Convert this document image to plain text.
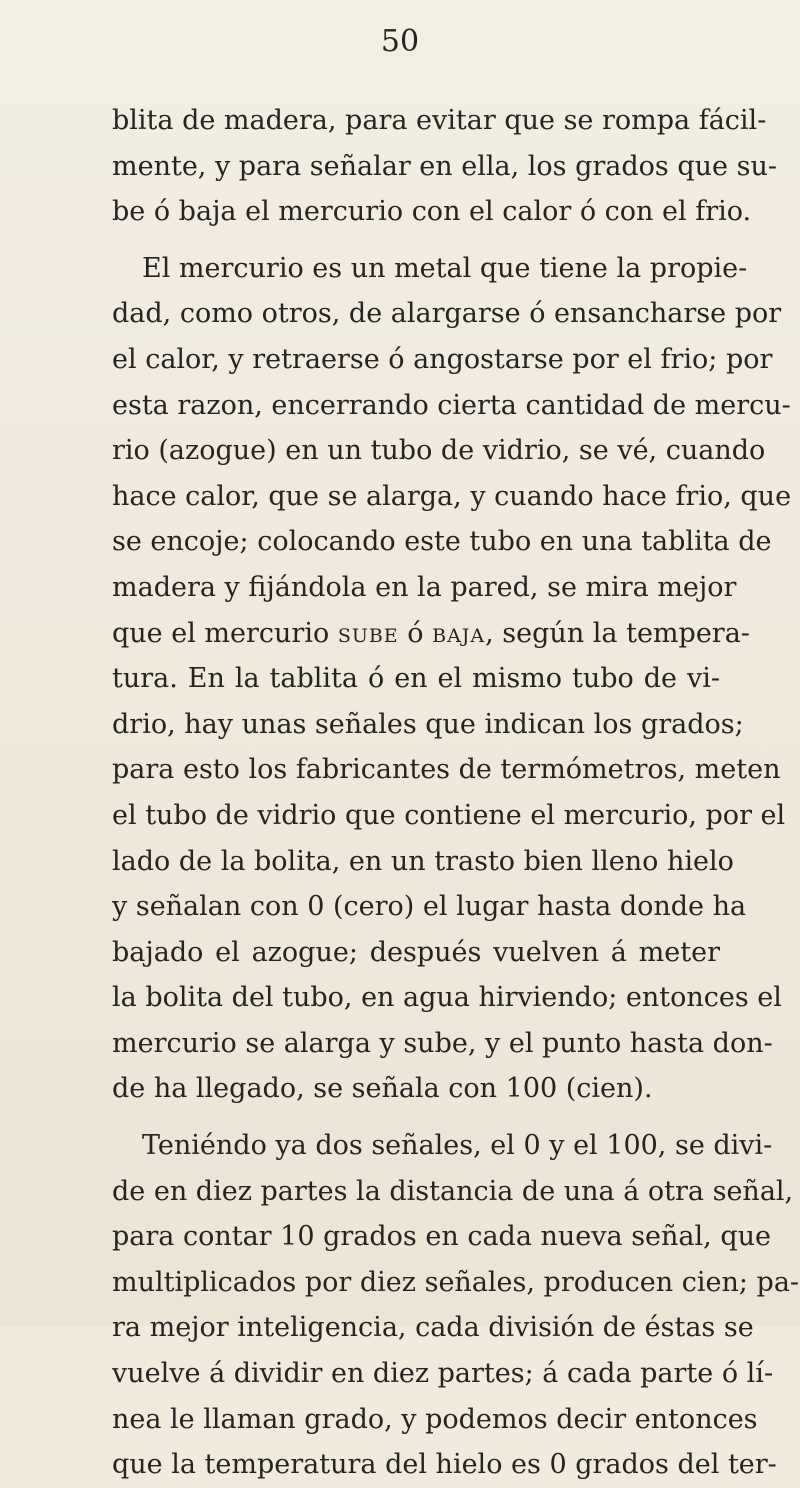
50
blita de madera, para evitar que se rompa fácil-
mente, y para señalar en ella, los grados que su-
be ó baja el mercurio con el calor ó con el frio.
El mercurio es un metal que tiene la propie-
dad, como otros, de alargarse ó ensancharse por
el calor, y retraerse ó angostarse por el frio; por
esta razon, encerrando cierta cantidad de mercu-
rio (azogue) en un tubo de vidrio, se vé, cuando
hace calor, que se alarga, y cuando hace frio, que
se encoje; colocando este tubo en una tablita de
madera y fijándola en la pared, se mira mejor
que el mercurio sube ó baja, según la tempera-
tura. En la tablita ó en el mismo tubo de vi-
drio, hay unas señales que indican los grados;
para esto los fabricantes de termómetros, meten
el tubo de vidrio que contiene el mercurio, por el
lado de la bolita, en un trasto bien lleno hielo
y señalan con 0 (cero) el lugar hasta donde ha
bajado el azogue; después vuelven á meter
la bolita del tubo, en agua hirviendo; entonces el
mercurio se alarga y sube, y el punto hasta don-
de ha llegado, se señala con 100 (cien).
Teniéndo ya dos señales, el 0 y el 100, se divi-
de en diez partes la distancia de una á otra señal,
para contar 10 grados en cada nueva señal, que
multiplicados por diez señales, producen cien; pa-
ra mejor inteligencia, cada división de éstas se
vuelve á dividir en diez partes; á cada parte ó lí-
nea le llaman grado, y podemos decir entonces
que la temperatura del hielo es 0 grados del ter-
